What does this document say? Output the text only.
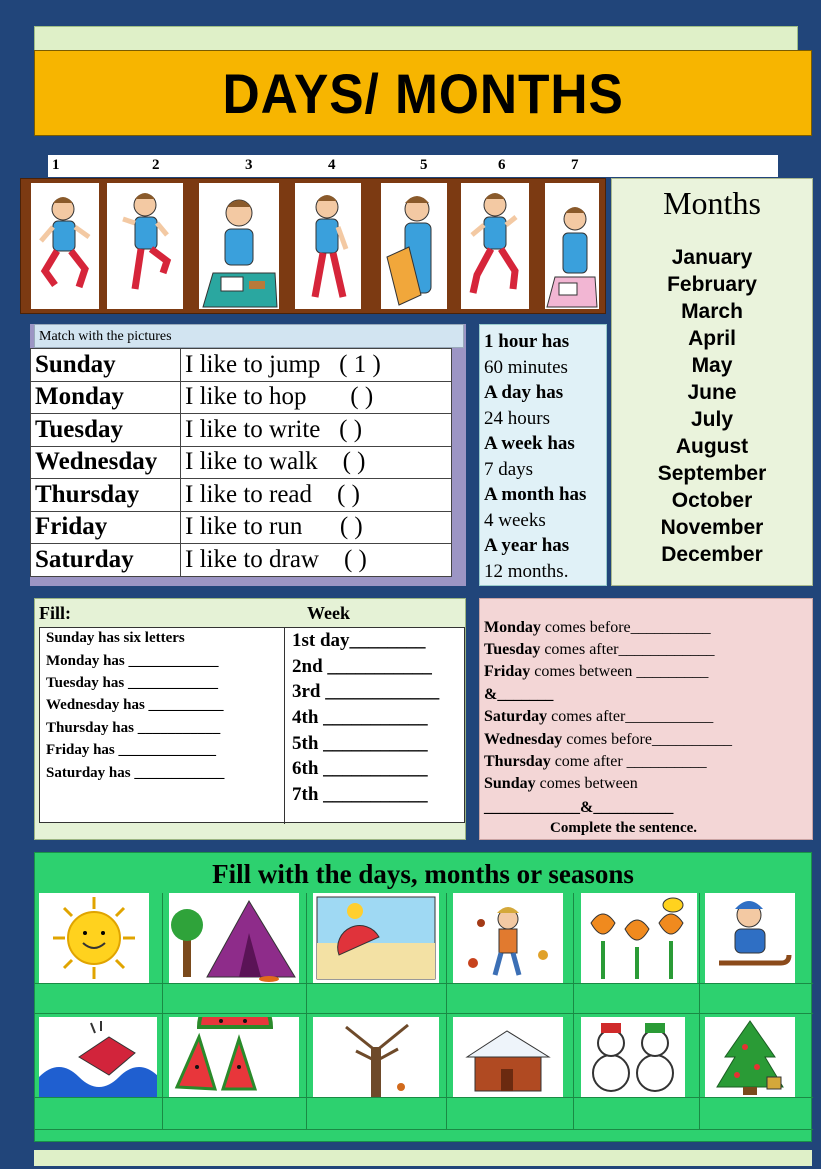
DAYS/ MONTHS
1	2	3	4	5	6	7
Months
January
February
March
April
May
June
July
August
September
October
November
December
Match with the pictures
Sunday	I like to jump ( 1 )
Monday	I like to hop ( )
Tuesday	I like to write ( )
Wednesday	I like to walk ( )
Thursday	I like to read ( )
Friday	I like to run ( )
Saturday	I like to draw ( )

1 hour has
60 minutes
A day has
24 hours
A week has
7 days
A month has
4 weeks
A year has
12 months.

Fill:	Week
Sunday has six letters
Monday has ____________
Tuesday has ____________
Wednesday has __________
Thursday has ___________
Friday has _____________
Saturday has ____________
1st day________
2nd ___________
3rd ____________
4th ___________
5th ___________
6th ___________
7th ___________
Monday comes before__________
Tuesday comes after____________
Friday comes between _________
&_______
Saturday comes after___________
Wednesday comes before__________
Thursday come after __________
Sunday comes between
____________&__________
Complete the sentence.
Fill with the days, months or seasons
